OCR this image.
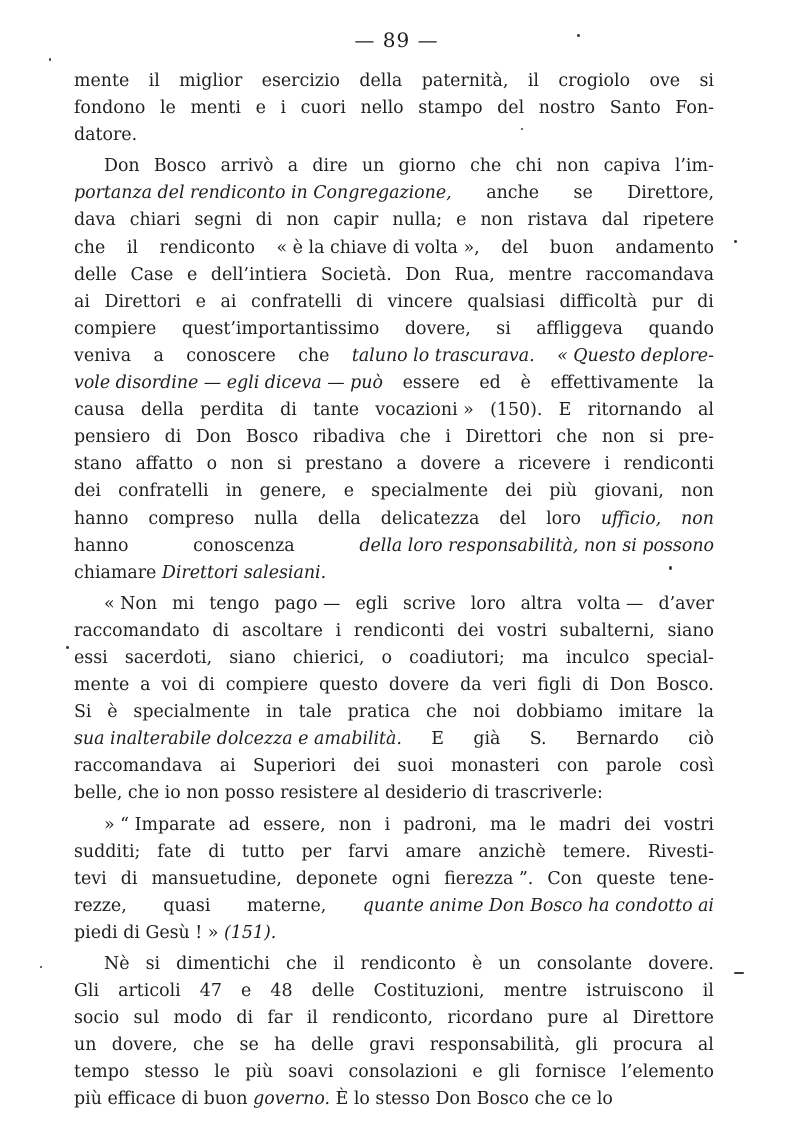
— 89 —
mente il miglior esercizio della paternità, il crogiolo ove si
fondono le menti e i cuori nello stampo del nostro Santo Fon-
datore.
Don Bosco arrivò a dire un giorno che chi non capiva l’im-
portanza del rendiconto in Congregazione, anche se Direttore,
dava chiari segni di non capir nulla; e non ristava dal ripetere
che il rendiconto « è la chiave di volta », del buon andamento
delle Case e dell’intiera Società. Don Rua, mentre raccomandava
ai Direttori e ai confratelli di vincere qualsiasi difficoltà pur di
compiere quest’importantissimo dovere, si affliggeva quando
veniva a conoscere che taluno lo trascurava. « Questo deplore-
vole disordine — egli diceva — può essere ed è effettivamente la
causa della perdita di tante vocazioni » (150). E ritornando al
pensiero di Don Bosco ribadiva che i Direttori che non si pre-
stano affatto o non si prestano a dovere a ricevere i rendiconti
dei confratelli in genere, e specialmente dei più giovani, non
hanno compreso nulla della delicatezza del loro ufficio, non
hanno	conoscenza	della loro responsabilità, non si possono
chiamare
Direttori salesiani.
« Non mi tengo pago — egli scrive loro altra volta — d’aver
raccomandato di ascoltare i rendiconti dei vostri subalterni, siano
essi sacerdoti, siano chierici, o coadiutori; ma inculco special-
mente a voi di compiere questo dovere da veri figli di Don Bosco.
Si è specialmente in tale pratica che noi dobbiamo imitare la
sua inalterabile dolcezza e amabilità. E già S. Bernardo ciò
raccomandava ai Superiori dei suoi monasteri con parole così
belle,
che
io
non
posso
resistere
al
desiderio
di
trascriverle:
» “ Imparate ad essere, non i padroni, ma le madri dei vostri
sudditi; fate di tutto per farvi amare anzichè temere. Rivesti-
tevi di mansuetudine, deponete ogni fierezza ”. Con queste tene-
rezze, quasi materne, quante anime Don Bosco ha condotto ai
piedi
di
Gesù ! »
(151).
Nè si dimentichi che il rendiconto è un consolante dovere.
Gli articoli 47 e 48 delle Costituzioni, mentre istruiscono il
socio sul modo di far il rendiconto, ricordano pure al Direttore
un dovere, che se ha delle gravi responsabilità, gli procura al
tempo stesso le più soavi consolazioni e gli fornisce l’elemento
più
efficace
di
buon
governo.
È
lo
stesso
Don
Bosco
che
ce
lo
